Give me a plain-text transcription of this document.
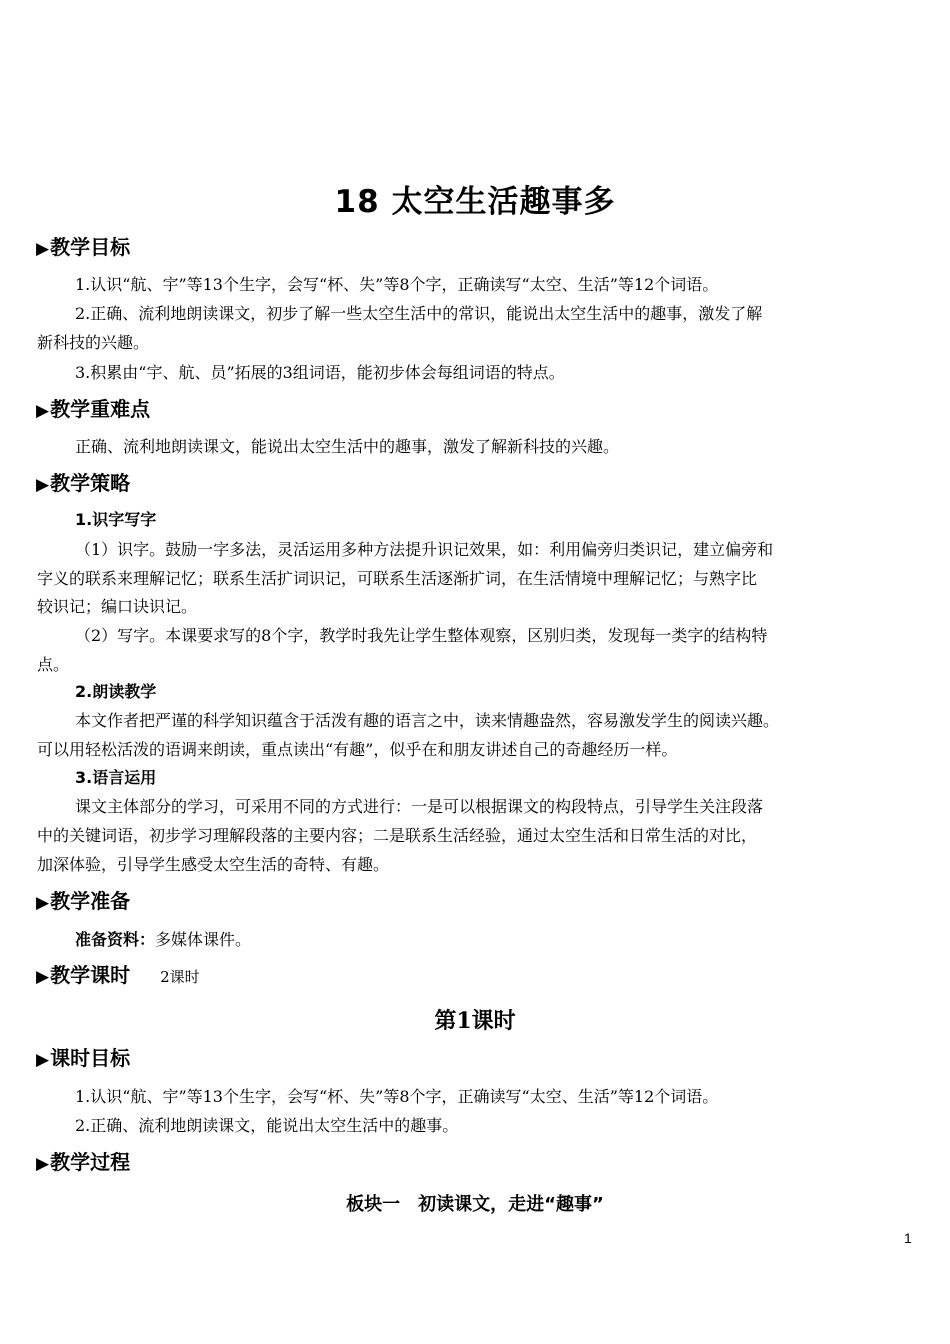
18 太空生活趣事多
▶教学目标
1.认识“航、宇”等13个生字，会写“杯、失”等8个字，正确读写“太空、生活”等12个词语。
2.正确、流利地朗读课文，初步了解一些太空生活中的常识，能说出太空生活中的趣事，激发了解
新科技的兴趣。
3.积累由“宇、航、员”拓展的3组词语，能初步体会每组词语的特点。
▶教学重难点
正确、流利地朗读课文，能说出太空生活中的趣事，激发了解新科技的兴趣。
▶教学策略
1.识字写字
（1）识字。鼓励一字多法，灵活运用多种方法提升识记效果，如：利用偏旁归类识记，建立偏旁和
字义的联系来理解记忆；联系生活扩词识记，可联系生活逐渐扩词，在生活情境中理解记忆；与熟字比
较识记；编口诀识记。
（2）写字。本课要求写的8个字，教学时我先让学生整体观察，区别归类，发现每一类字的结构特
点。
2.朗读教学
本文作者把严谨的科学知识蕴含于活泼有趣的语言之中，读来情趣盎然，容易激发学生的阅读兴趣。
可以用轻松活泼的语调来朗读，重点读出“有趣”，似乎在和朋友讲述自己的奇趣经历一样。
3.语言运用
课文主体部分的学习，可采用不同的方式进行：一是可以根据课文的构段特点，引导学生关注段落
中的关键词语，初步学习理解段落的主要内容；二是联系生活经验，通过太空生活和日常生活的对比，
加深体验，引导学生感受太空生活的奇特、有趣。
▶教学准备
准备资料：多媒体课件。
▶教学课时 2课时
第1课时
▶课时目标
1.认识“航、宇”等13个生字，会写“杯、失”等8个字，正确读写“太空、生活”等12个词语。
2.正确、流利地朗读课文，能说出太空生活中的趣事。
▶教学过程
板块一　初读课文，走进“趣事”
1
